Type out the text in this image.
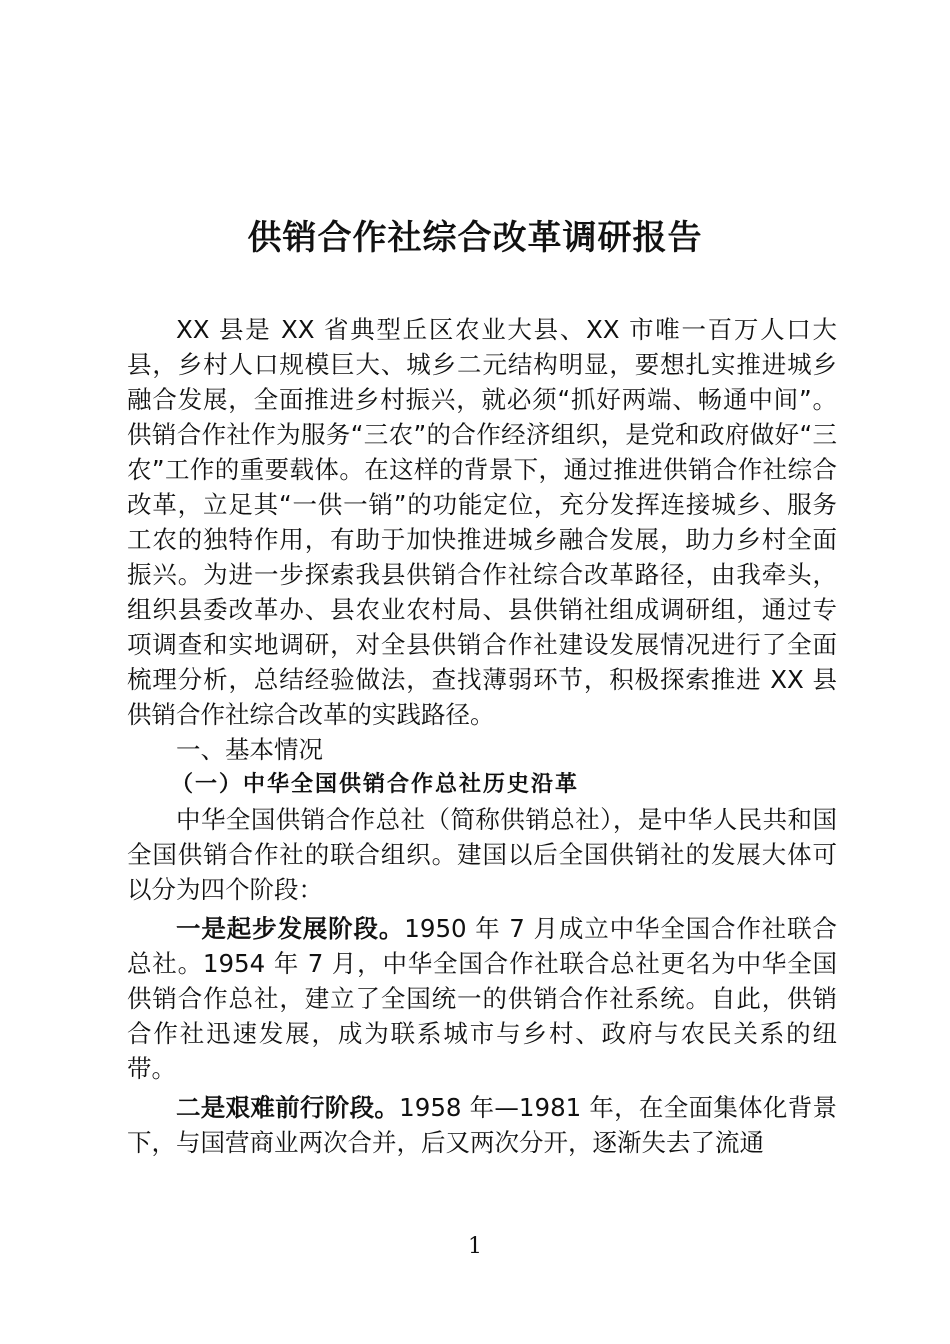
供销合作社综合改革调研报告

XX 县是 XX 省典型丘区农业大县、XX 市唯一百万人口大县，乡村人口规模巨大、城乡二元结构明显，要想扎实推进城乡融合发展，全面推进乡村振兴，就必须“抓好两端、畅通中间”。供销合作社作为服务“三农”的合作经济组织，是党和政府做好“三农”工作的重要载体。在这样的背景下，通过推进供销合作社综合改革，立足其“一供一销”的功能定位，充分发挥连接城乡、服务工农的独特作用，有助于加快推进城乡融合发展，助力乡村全面振兴。为进一步探索我县供销合作社综合改革路径，由我牵头，组织县委改革办、县农业农村局、县供销社组成调研组，通过专项调查和实地调研，对全县供销合作社建设发展情况进行了全面梳理分析，总结经验做法，查找薄弱环节，积极探索推进 XX 县供销合作社综合改革的实践路径。

一、基本情况

（一）中华全国供销合作总社历史沿革

中华全国供销合作总社（简称供销总社），是中华人民共和国全国供销合作社的联合组织。建国以后全国供销社的发展大体可以分为四个阶段：

一是起步发展阶段。1950 年 7 月成立中华全国合作社联合总社。1954 年 7 月，中华全国合作社联合总社更名为中华全国供销合作总社，建立了全国统一的供销合作社系统。自此，供销合作社迅速发展，成为联系城市与乡村、政府与农民关系的纽带。

二是艰难前行阶段。1958 年—1981 年，在全面集体化背景下，与国营商业两次合并，后又两次分开，逐渐失去了流通

1
